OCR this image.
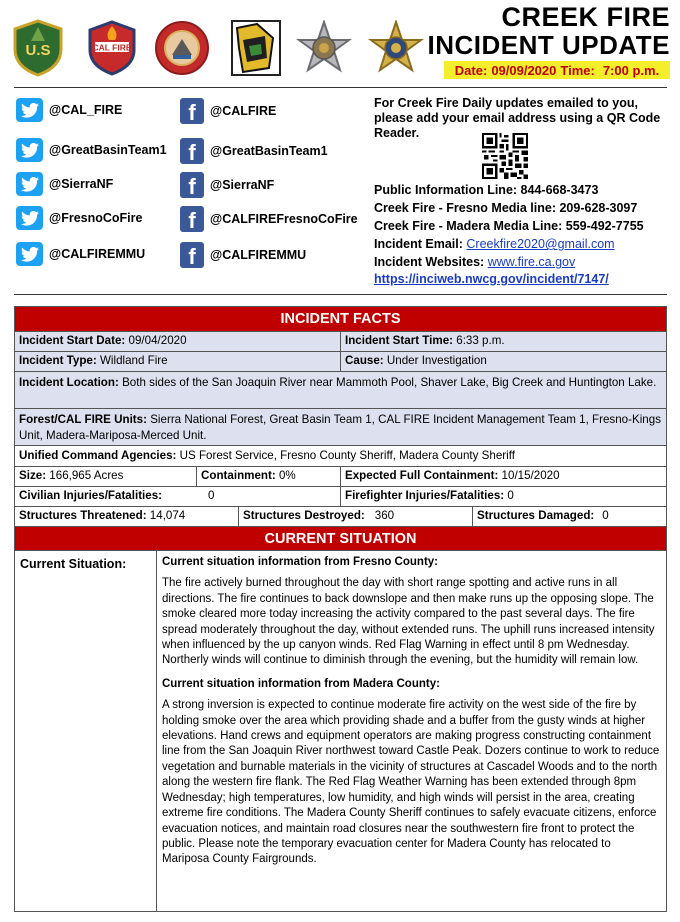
U.S	CAL FIRE
CREEK FIRE
INCIDENT UPDATE
Date: 09/09/2020 Time: 7:00 p.m.
@CAL_FIRE
@GreatBasinTeam1
@SierraNF
@FresnoCoFire
@CALFIREMMU
f	@CALFIRE
f	@GreatBasinTeam1
f	@SierraNF
f	@CALFIREFresnoCoFire
f	@CALFIREMMU
For Creek Fire Daily updates emailed to you, please add your email address using a QR Code Reader.
Public Information Line: 844-668-3473
Creek Fire - Fresno Media line: 209-628-3097
Creek Fire - Madera Media Line: 559-492-7755
Incident Email: Creekfire2020@gmail.com
Incident Websites: www.fire.ca.gov
https://inciweb.nwcg.gov/incident/7147/
INCIDENT FACTS
Incident Start Date: 09/04/2020	Incident Start Time: 6:33 p.m.
Incident Type: Wildland Fire	Cause: Under Investigation
Incident Location: Both sides of the San Joaquin River near Mammoth Pool, Shaver Lake, Big Creek and Huntington Lake.
Forest/CAL FIRE Units: Sierra National Forest, Great Basin Team 1, CAL FIRE Incident Management Team 1, Fresno-Kings Unit, Madera-Mariposa-Merced Unit.
Unified Command Agencies: US Forest Service, Fresno County Sheriff, Madera County Sheriff
Size: 166,965 Acres	Containment: 0%	Expected Full Containment: 10/15/2020
Civilian Injuries/Fatalities:	0	Firefighter Injuries/Fatalities: 0
Structures Threatened: 14,074	Structures Destroyed: 360	Structures Damaged: 0
CURRENT SITUATION
Current Situation:	Current situation information from Fresno County:

The fire actively burned throughout the day with short range spotting and active runs in all directions. The fire continues to back downslope and then make runs up the opposing slope. The smoke cleared more today increasing the activity compared to the past several days. The fire spread moderately throughout the day, without extended runs. The uphill runs increased intensity when influenced by the up canyon winds. Red Flag Warning in effect until 8 pm Wednesday. Northerly winds will continue to diminish through the evening, but the humidity will remain low.

Current situation information from Madera County:

A strong inversion is expected to continue moderate fire activity on the west side of the fire by holding smoke over the area which providing shade and a buffer from the gusty winds at higher elevations. Hand crews and equipment operators are making progress constructing containment line from the San Joaquin River northwest toward Castle Peak. Dozers continue to work to reduce vegetation and burnable materials in the vicinity of structures at Cascadel Woods and to the north along the western fire flank. The Red Flag Weather Warning has been extended through 8pm Wednesday; high temperatures, low humidity, and high winds will persist in the area, creating extreme fire conditions. The Madera County Sheriff continues to safely evacuate citizens, enforce evacuation notices, and maintain road closures near the southwestern fire front to protect the public. Please note the temporary evacuation center for Madera County has relocated to Mariposa County Fairgrounds.
